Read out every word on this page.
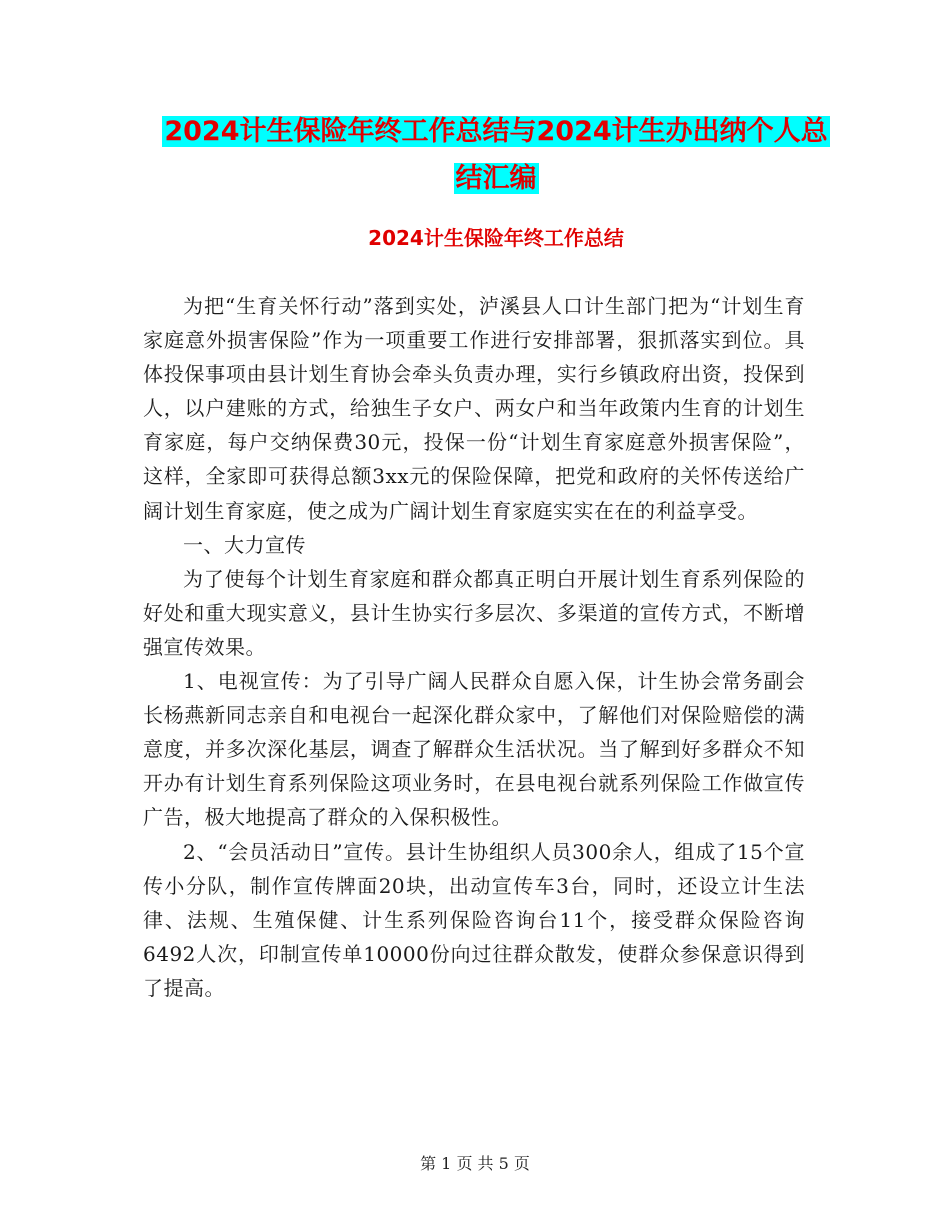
2024计生保险年终工作总结与2024计生办出纳个人总
结汇编
2024计生保险年终工作总结

为把“生育关怀行动”落到实处，泸溪县人口计生部门把为“计划生育家庭意外损害保险”作为一项重要工作进行安排部署，狠抓落实到位。具体投保事项由县计划生育协会牵头负责办理，实行乡镇政府出资，投保到人，以户建账的方式，给独生子女户、两女户和当年政策内生育的计划生育家庭，每户交纳保费30元，投保一份“计划生育家庭意外损害保险”，这样，全家即可获得总额3xx元的保险保障，把党和政府的关怀传送给广阔计划生育家庭，使之成为广阔计划生育家庭实实在在的利益享受。

一、大力宣传

为了使每个计划生育家庭和群众都真正明白开展计划生育系列保险的好处和重大现实意义，县计生协实行多层次、多渠道的宣传方式，不断增强宣传效果。

1、电视宣传：为了引导广阔人民群众自愿入保，计生协会常务副会长杨燕新同志亲自和电视台一起深化群众家中，了解他们对保险赔偿的满意度，并多次深化基层，调查了解群众生活状况。当了解到好多群众不知开办有计划生育系列保险这项业务时，在县电视台就系列保险工作做宣传广告，极大地提高了群众的入保积极性。

2、“会员活动日”宣传。县计生协组织人员300余人，组成了15个宣传小分队，制作宣传牌面20块，出动宣传车3台，同时，还设立计生法律、法规、生殖保健、计生系列保险咨询台11个，接受群众保险咨询6492人次，印制宣传单10000份向过往群众散发，使群众参保意识得到了提高。

第 1 页 共 5 页
